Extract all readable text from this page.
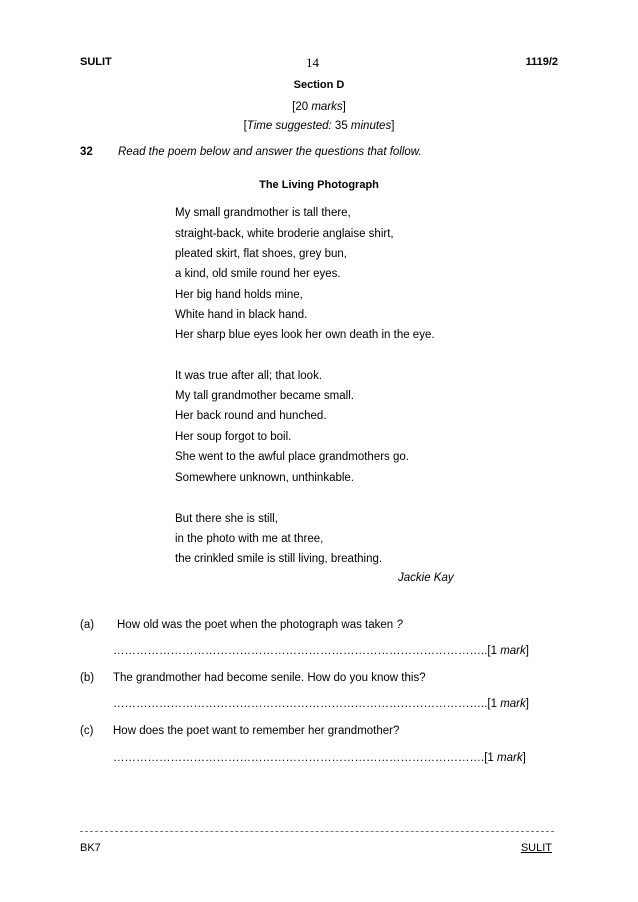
SULIT	14	1119/2
Section D
[20 marks]
[Time suggested: 35 minutes]
32 Read the poem below and answer the questions that follow.
The Living Photograph
My small grandmother is tall there,
straight-back, white broderie anglaise shirt,
pleated skirt, flat shoes, grey bun,
a kind, old smile round her eyes.
Her big hand holds mine,
White hand in black hand.
Her sharp blue eyes look her own death in the eye.
It was true after all; that look.
My tall grandmother became small.
Her back round and hunched.
Her soup forgot to boil.
She went to the awful place grandmothers go.
Somewhere unknown, unthinkable.
But there she is still,
in the photo with me at three,
the crinkled smile is still living, breathing.
Jackie Kay
(a) How old was the poet when the photograph was taken ?
……………………………………………………………………………………..[1 mark]
(b) The grandmother had become senile. How do you know this?
……………………………………………………………………………………..[1 mark]
(c) How does the poet want to remember her grandmother?
…………………………………………………………………………………….[1 mark]
BK7	SULIT
